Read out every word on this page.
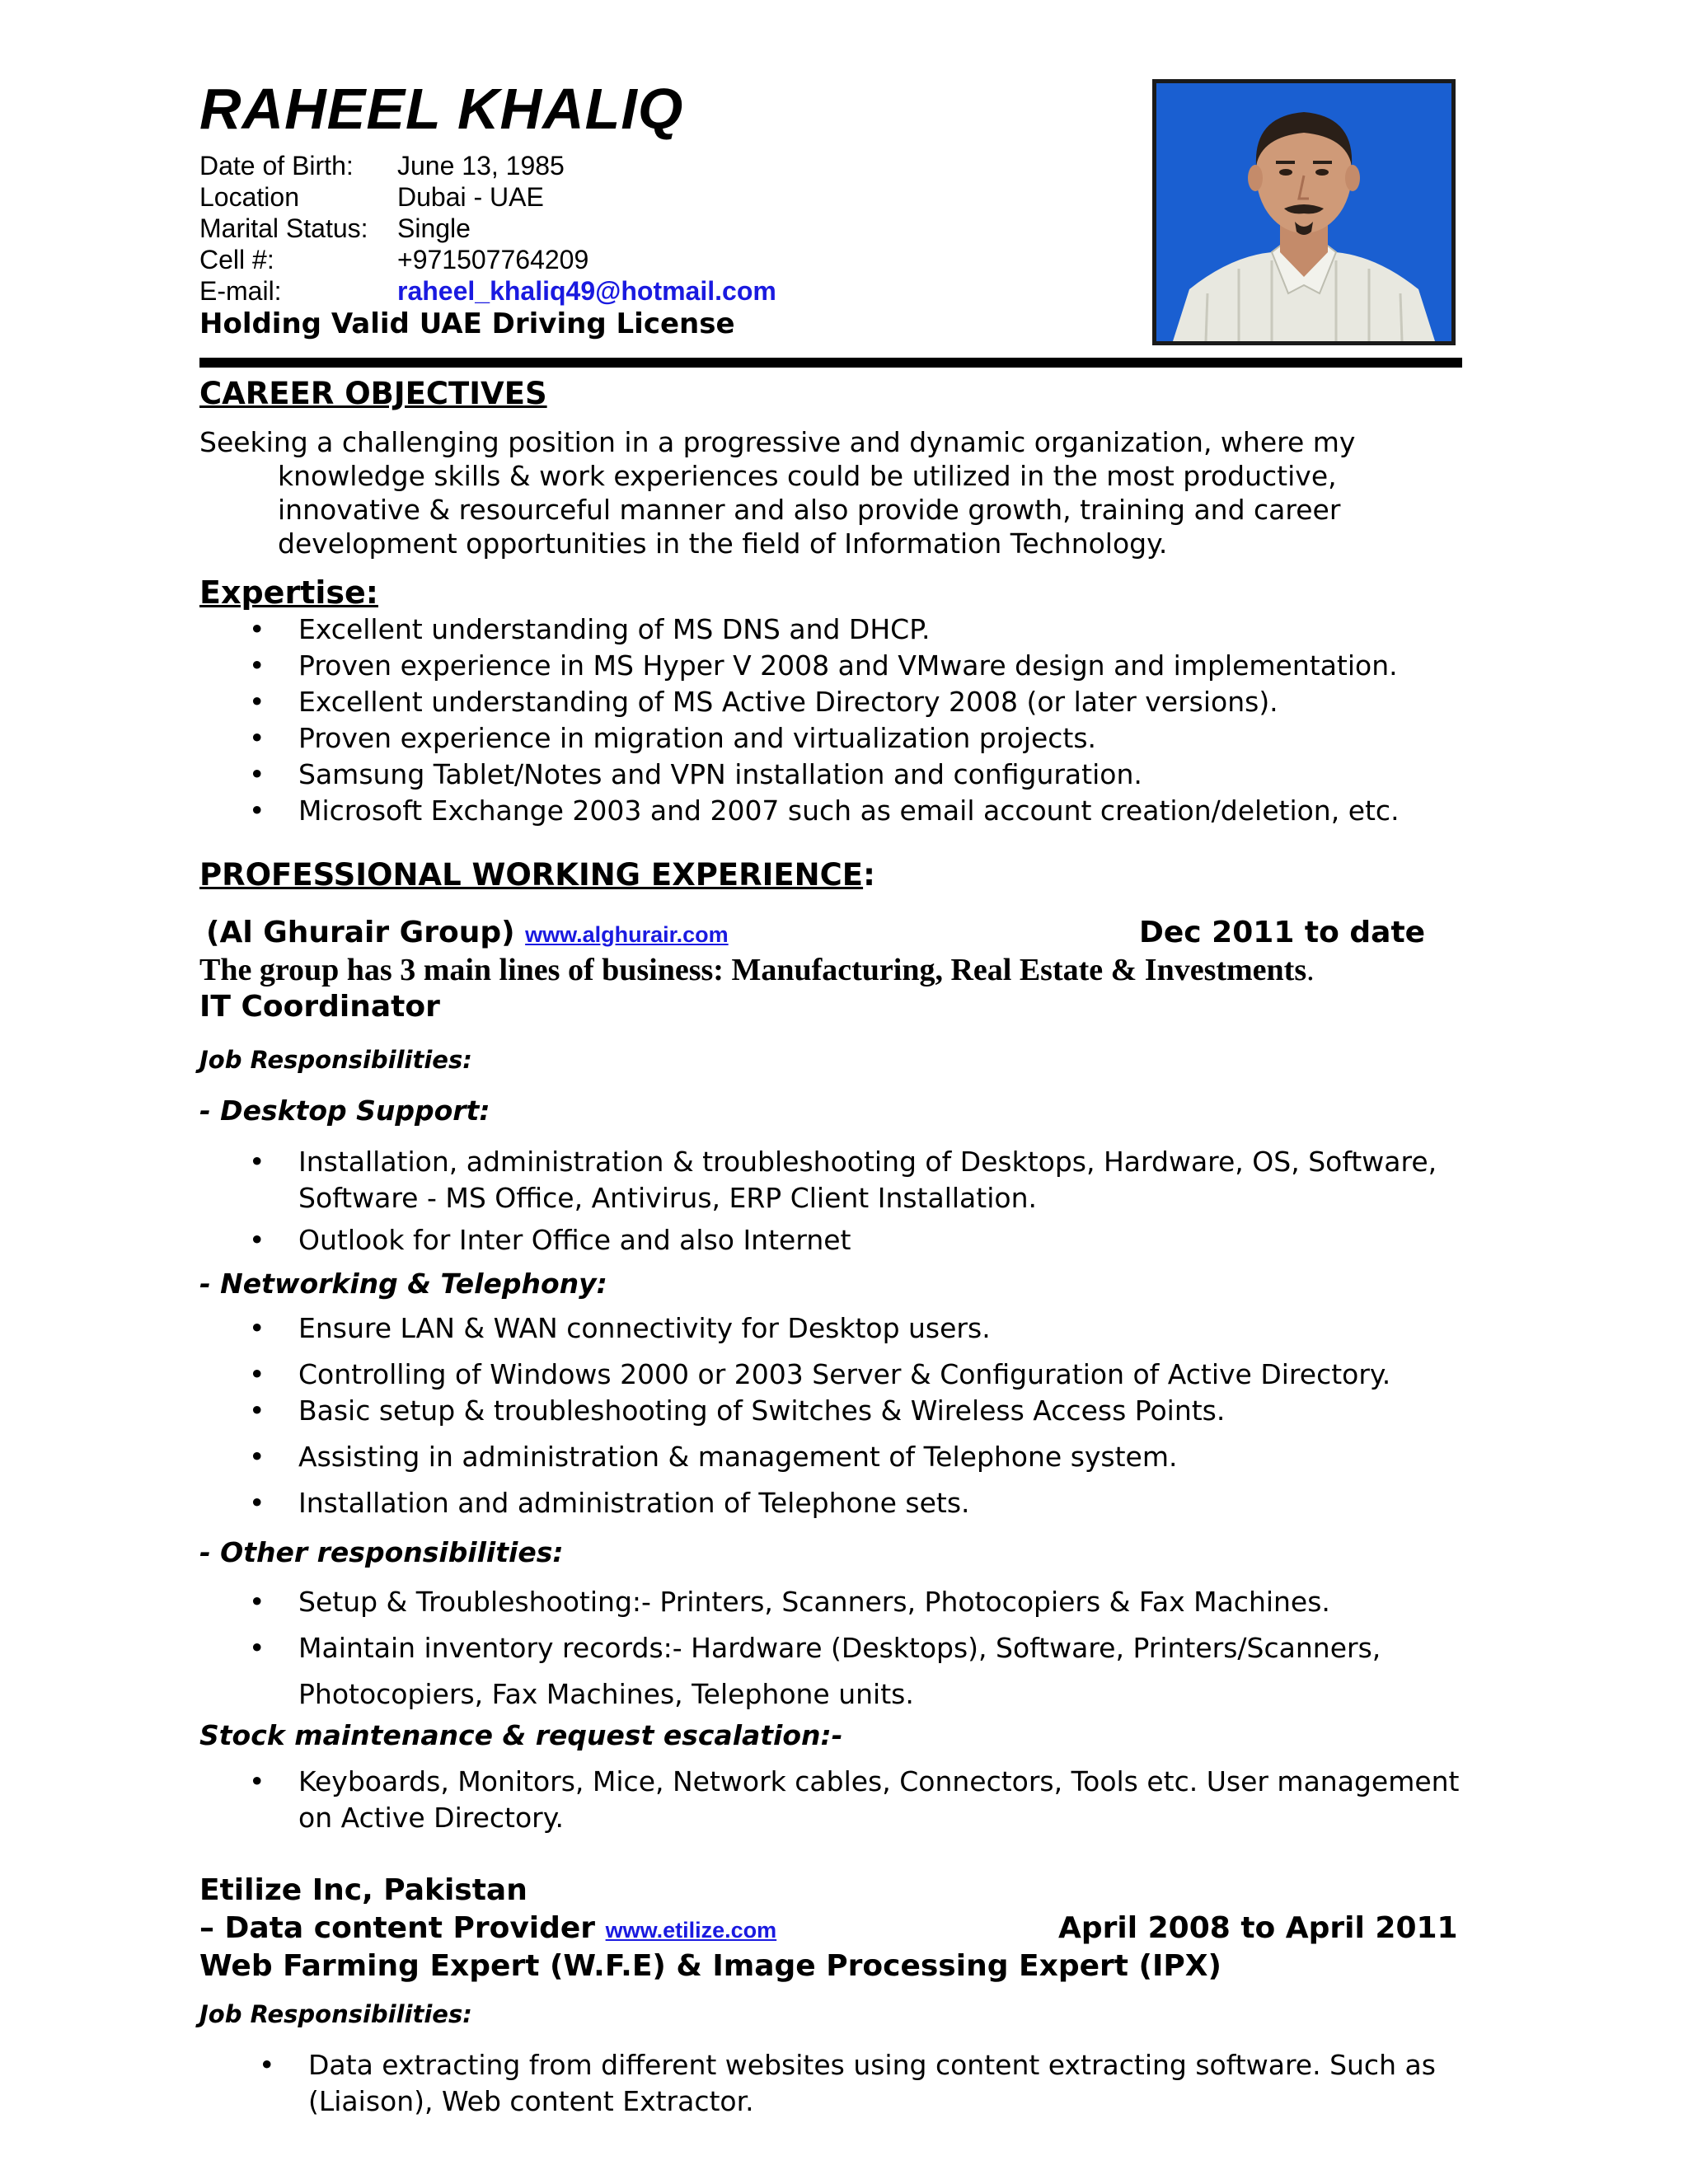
RAHEEL KHALIQ
Date of Birth: June 13, 1985
Location	Dubai - UAE
Marital Status: Single
Cell #:	+971507764209
E-mail:	raheel_khaliq49@hotmail.com
Holding Valid UAE Driving License
CAREER OBJECTIVES
Seeking a challenging position in a progressive and dynamic organization, where my
knowledge skills & work experiences could be utilized in the most productive,
innovative & resourceful manner and also provide growth, training and career
development opportunities in the field of Information Technology.
Expertise:
• Excellent understanding of MS DNS and DHCP.
• Proven experience in MS Hyper V 2008 and VMware design and implementation.
• Excellent understanding of MS Active Directory 2008 (or later versions).
• Proven experience in migration and virtualization projects.
• Samsung Tablet/Notes and VPN installation and configuration.
• Microsoft Exchange 2003 and 2007 such as email account creation/deletion, etc.
PROFESSIONAL WORKING EXPERIENCE:
(Al Ghurair Group) www.alghurair.com	Dec 2011 to date
The group has 3 main lines of business: Manufacturing, Real Estate & Investments.
IT Coordinator
Job Responsibilities:
- Desktop Support:
• Installation, administration & troubleshooting of Desktops, Hardware, OS, Software,
Software - MS Office, Antivirus, ERP Client Installation.
• Outlook for Inter Office and also Internet
- Networking & Telephony:
• Ensure LAN & WAN connectivity for Desktop users.
• Controlling of Windows 2000 or 2003 Server & Configuration of Active Directory.
• Basic setup & troubleshooting of Switches & Wireless Access Points.
• Assisting in administration & management of Telephone system.
• Installation and administration of Telephone sets.
- Other responsibilities:
• Setup & Troubleshooting:- Printers, Scanners, Photocopiers & Fax Machines.
• Maintain inventory records:- Hardware (Desktops), Software, Printers/Scanners,
Photocopiers, Fax Machines, Telephone units.
Stock maintenance & request escalation:-
• Keyboards, Monitors, Mice, Network cables, Connectors, Tools etc. User management
on Active Directory.
Etilize Inc, Pakistan
– Data content Provider www.etilize.com	April 2008 to April 2011
Web Farming Expert (W.F.E) & Image Processing Expert (IPX)
Job Responsibilities:
• Data extracting from different websites using content extracting software. Such as
(Liaison), Web content Extractor.
